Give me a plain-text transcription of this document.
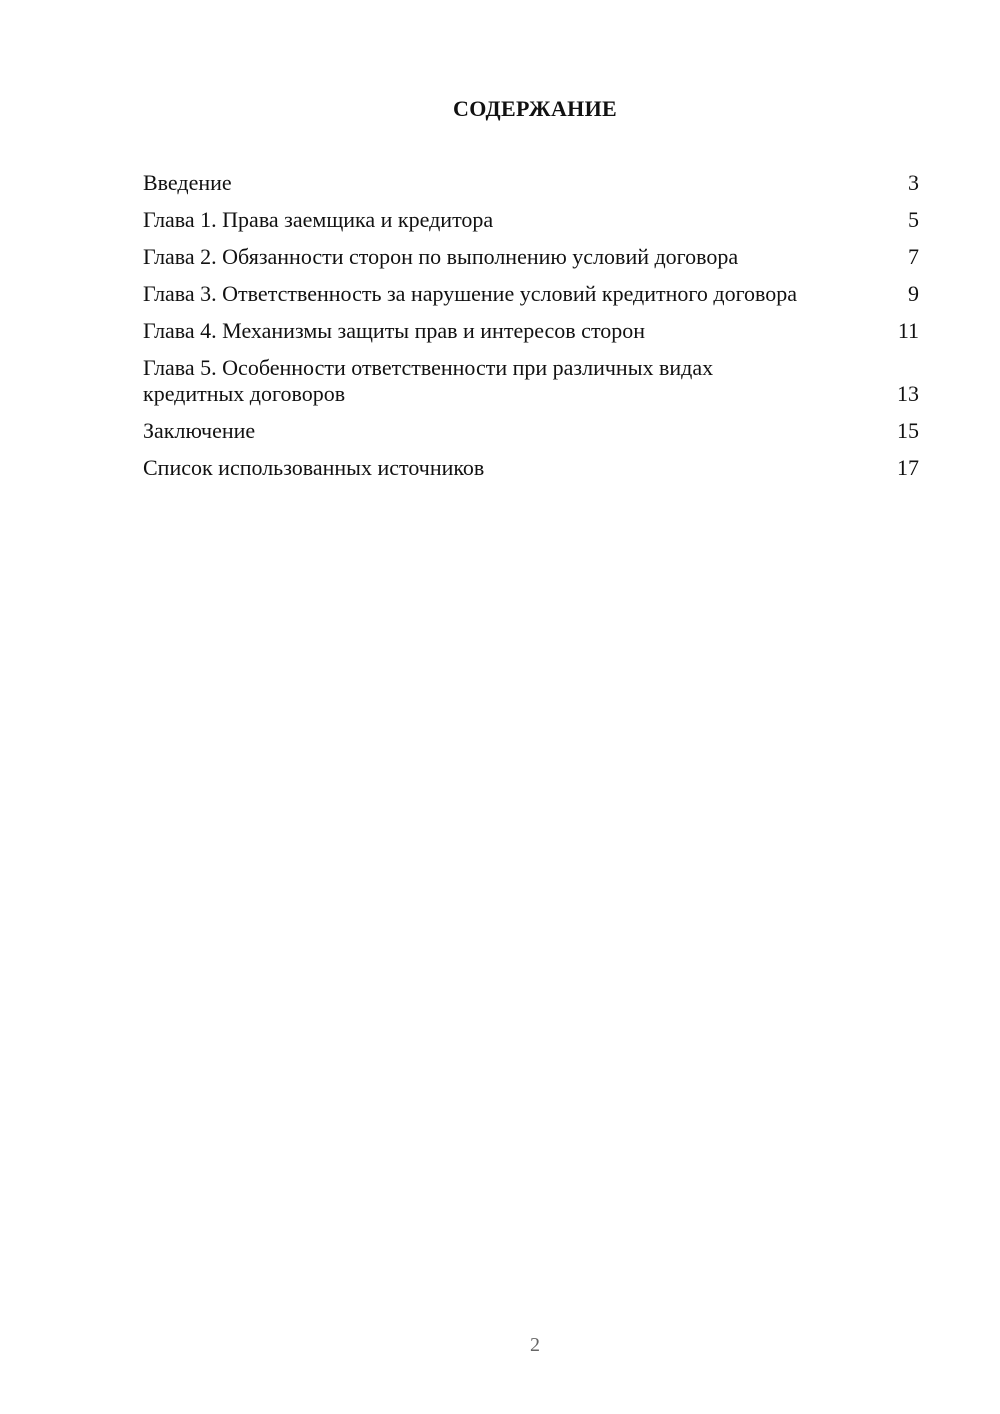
СОДЕРЖАНИЕ
Введение	3
Глава 1. Права заемщика и кредитора	5
Глава 2. Обязанности сторон по выполнению условий договора	7
Глава 3. Ответственность за нарушение условий кредитного договора	9
Глава 4. Механизмы защиты прав и интересов сторон	11
Глава 5. Особенности ответственности при различных видах кредитных договоров	13
Заключение	15
Список использованных источников	17
2
